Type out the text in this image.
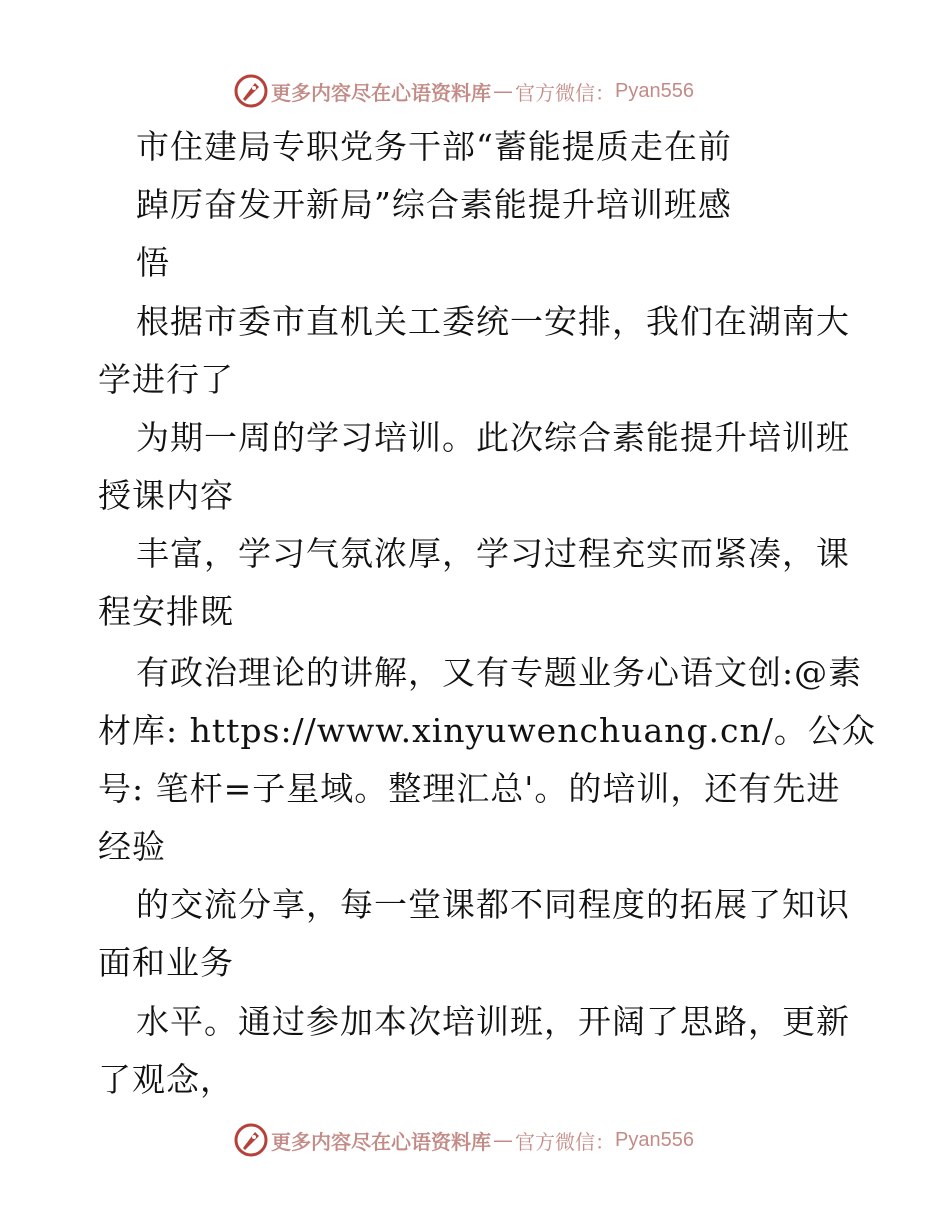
更多内容尽在心语资料库 — 官方微信： Pyan556
市住建局专职党务干部“蓄能提质走在前
踔厉奋发开新局”综合素能提升培训班感
悟
根据市委市直机关工委统一安排，我们在湖南大
学进行了
为期一周的学习培训。此次综合素能提升培训班
授课内容
丰富，学习气氛浓厚，学习过程充实而紧凑，课
程安排既
有政治理论的讲解，又有专题业务心语文创:@素
材库: https://www.xinyuwenchuang.cn/。公众
号: 笔杆=子星域。整理汇总'。的培训，还有先进
经验
的交流分享，每一堂课都不同程度的拓展了知识
面和业务
水平。通过参加本次培训班，开阔了思路，更新
了观念，
更多内容尽在心语资料库 — 官方微信： Pyan556
